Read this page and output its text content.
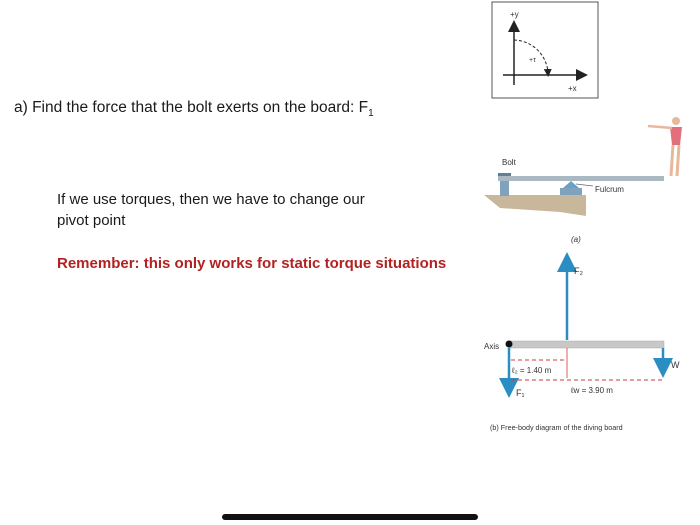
a) Find the force that the bolt exerts on the board: $F_1$
If we use torques, then we have to change our
pivot point
Remember: this only works for static torque situations
+y
+x
+τ
Bolt
Fulcrum
(a)
F₂
Axis
F₁
W
ℓ₂ = 1.40 m
ℓw = 3.90 m
(b) Free-body diagram of the diving board
